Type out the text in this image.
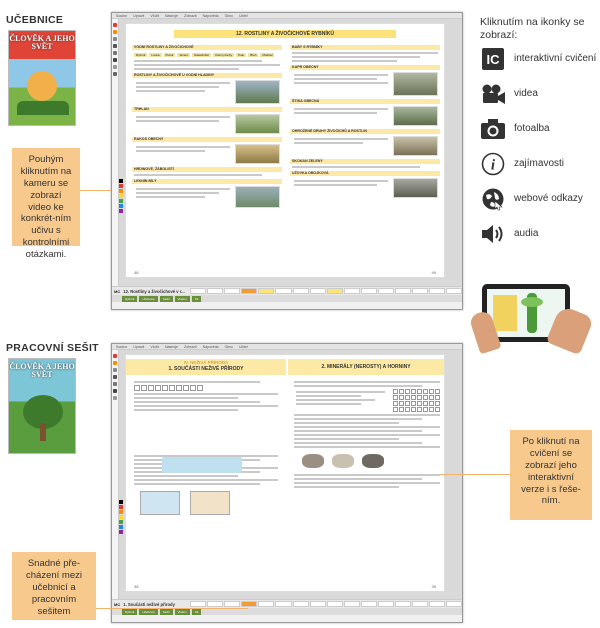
UČEBNICE
ČLOVĚK A JEHO SVĚT
Pouhým kliknutím na kameru se zobrazí video ke konkrét-ním učivu s kontrolními otázkami.
Soubor Upravit Vložit Nástroje Zobrazit Nápověda Okno Učitel
12. ROSTLINY A ŽIVOČICHOVÉ RYBNÍKŮ
VODNÍ ROSTLINY A ŽIVOČICHOVÉ
Rybník	Louka	Potok	Jezero	Rašeliniště	Vodní plochy	Pole	Břeh	Mokřad
ROSTLINY A ŽIVOČICHOVÉ U VODNÍ HLADINY
TRHLAN
RAKOS OBECNÝ
HRDINOVÉ, ŽÁBOLISTÍ
LEKNÍN BÍLÝ
BABY S RYBNÍKY
KAPR OBECNÝ
ŠTIKA OBECNÁ
OHROŽENÉ DRUHY ŽIVOČICHŮ A ROSTLIN
SKOKAN ZELENÝ
UŽOVKA OBOJKOVÁ
48	49
MC 12. Rostliny a živočichové v r...
Rybník	Učebnice	Sešit	Vlastní	Sít
Kliknutím na ikonky se zobrazí:
IC interaktivní cvičení
videa
fotoalba
i zajímavosti
webové odkazy
audia
PRACOVNÍ SEŠIT
ČLOVĚK A JEHO SVĚT
Soubor Upravit Vložit Nástroje Zobrazit Nápověda Okno Učitel
IV. NEŽIVÁ PŘÍRODA
1. SOUČÁSTI NEŽIVÉ PŘÍRODY	2. MINERÁLY (NEROSTY) A HORNINY
38	39
MC 1. Součásti neživé přírody
Rybník	Učebnice	Sešit	Vlastní	Sít
Po kliknutí na cvičení se zobrazí jeho interaktivní verze i s řeše-ním.
Snadné pře-cházení mezi učebnicí a pracovním sešitem
